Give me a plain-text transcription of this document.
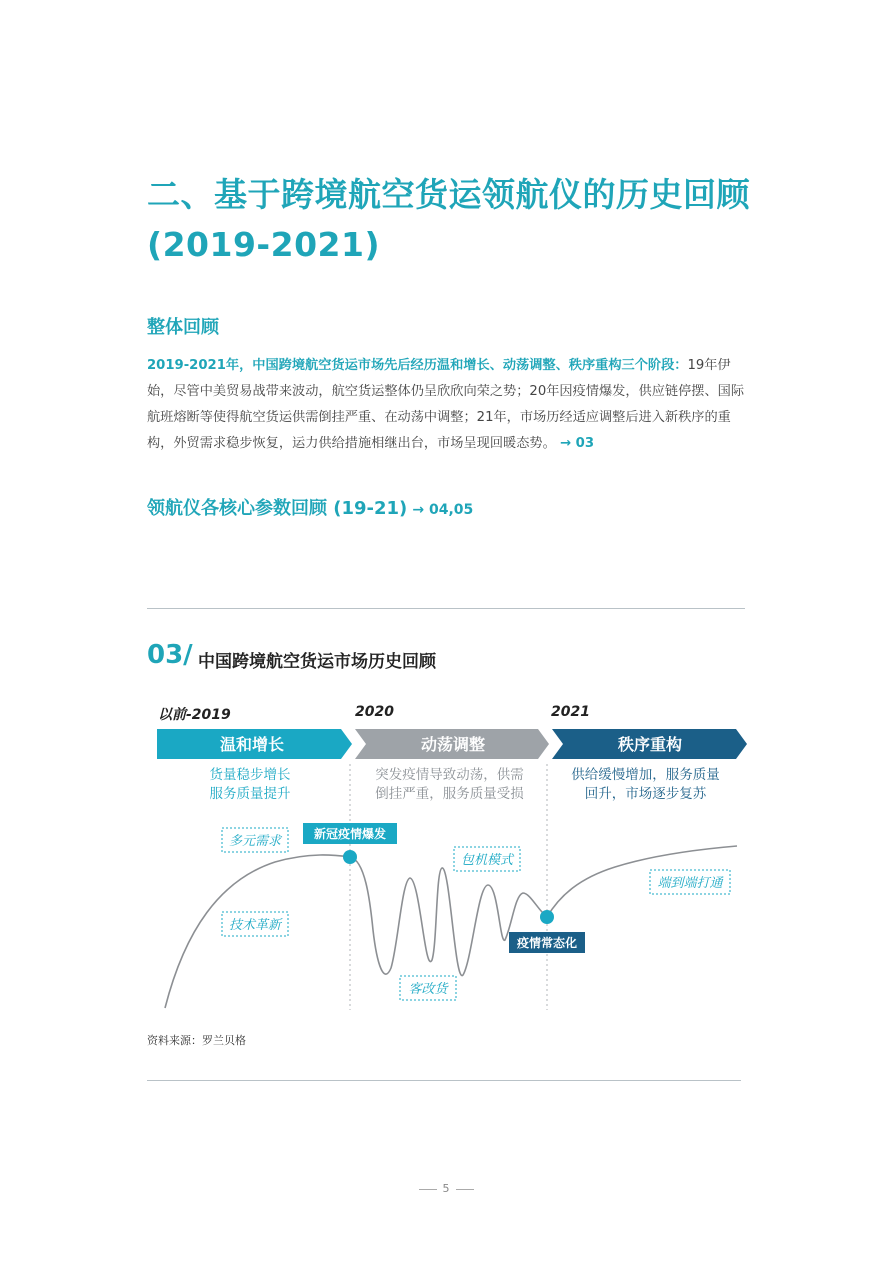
二、基于跨境航空货运领航仪的历史回顾
(2019-2021)
整体回顾
2019-2021年，中国跨境航空货运市场先后经历温和增长、动荡调整、秩序重构三个阶段：19年伊始，尽管中美贸易战带来波动，航空货运整体仍呈欣欣向荣之势；20年因疫情爆发，供应链停摆、国际航班熔断等使得航空货运供需倒挂严重、在动荡中调整；21年，市场历经适应调整后进入新秩序的重构，外贸需求稳步恢复，运力供给措施相继出台，市场呈现回暖态势。 → 03
领航仪各核心参数回顾 (19-21) → 04,05
03/ 中国跨境航空货运市场历史回顾
以前-2019	2020	2021
温和增长	动荡调整	秩序重构
多元需求
技术革新
包机模式
客改货
端到端打通
新冠疫情爆发
疫情常态化
货量稳步增长
服务质量提升
突发疫情导致动荡，供需
倒挂严重，服务质量受损
供给缓慢增加，服务质量
回升，市场逐步复苏
资料来源：罗兰贝格
5
